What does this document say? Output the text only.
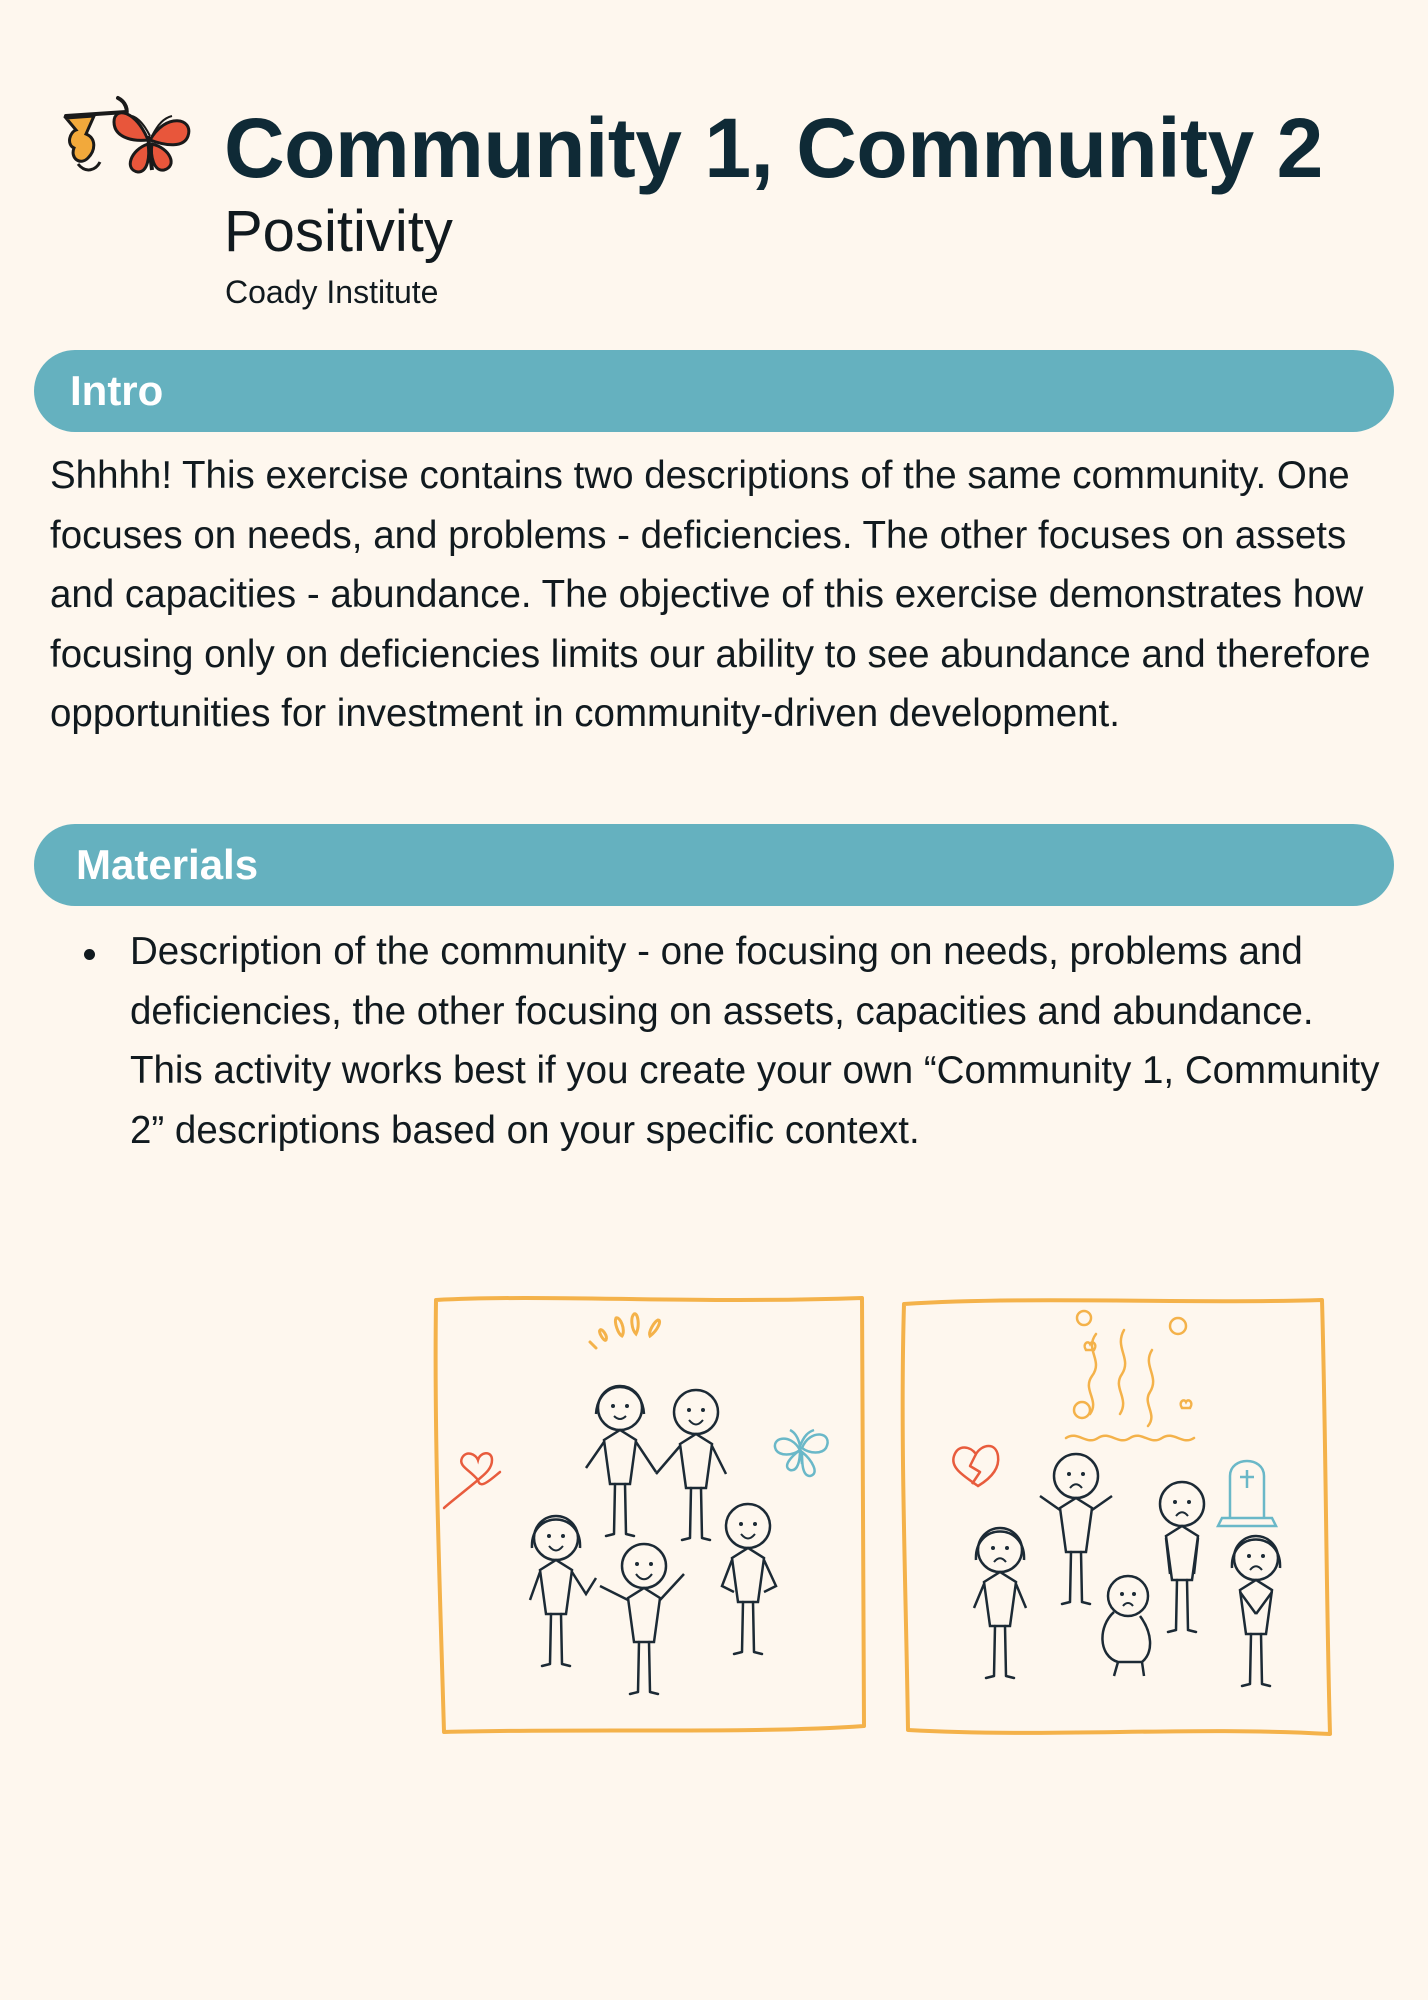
Community 1, Community 2
Positivity
Coady Institute
Intro

Shhhh! This exercise contains two descriptions of the same community. One focuses on needs, and problems - deficiencies. The other focuses on assets and capacities - abundance. The objective of this exercise demonstrates how focusing only on deficiencies limits our ability to see abundance and therefore opportunities for investment in community-driven development.

Materials
Description of the community - one focusing on needs, problems and deficiencies, the other focusing on assets, capacities and abundance. This activity works best if you create your own “Community 1, Community 2” descriptions based on your specific context.
